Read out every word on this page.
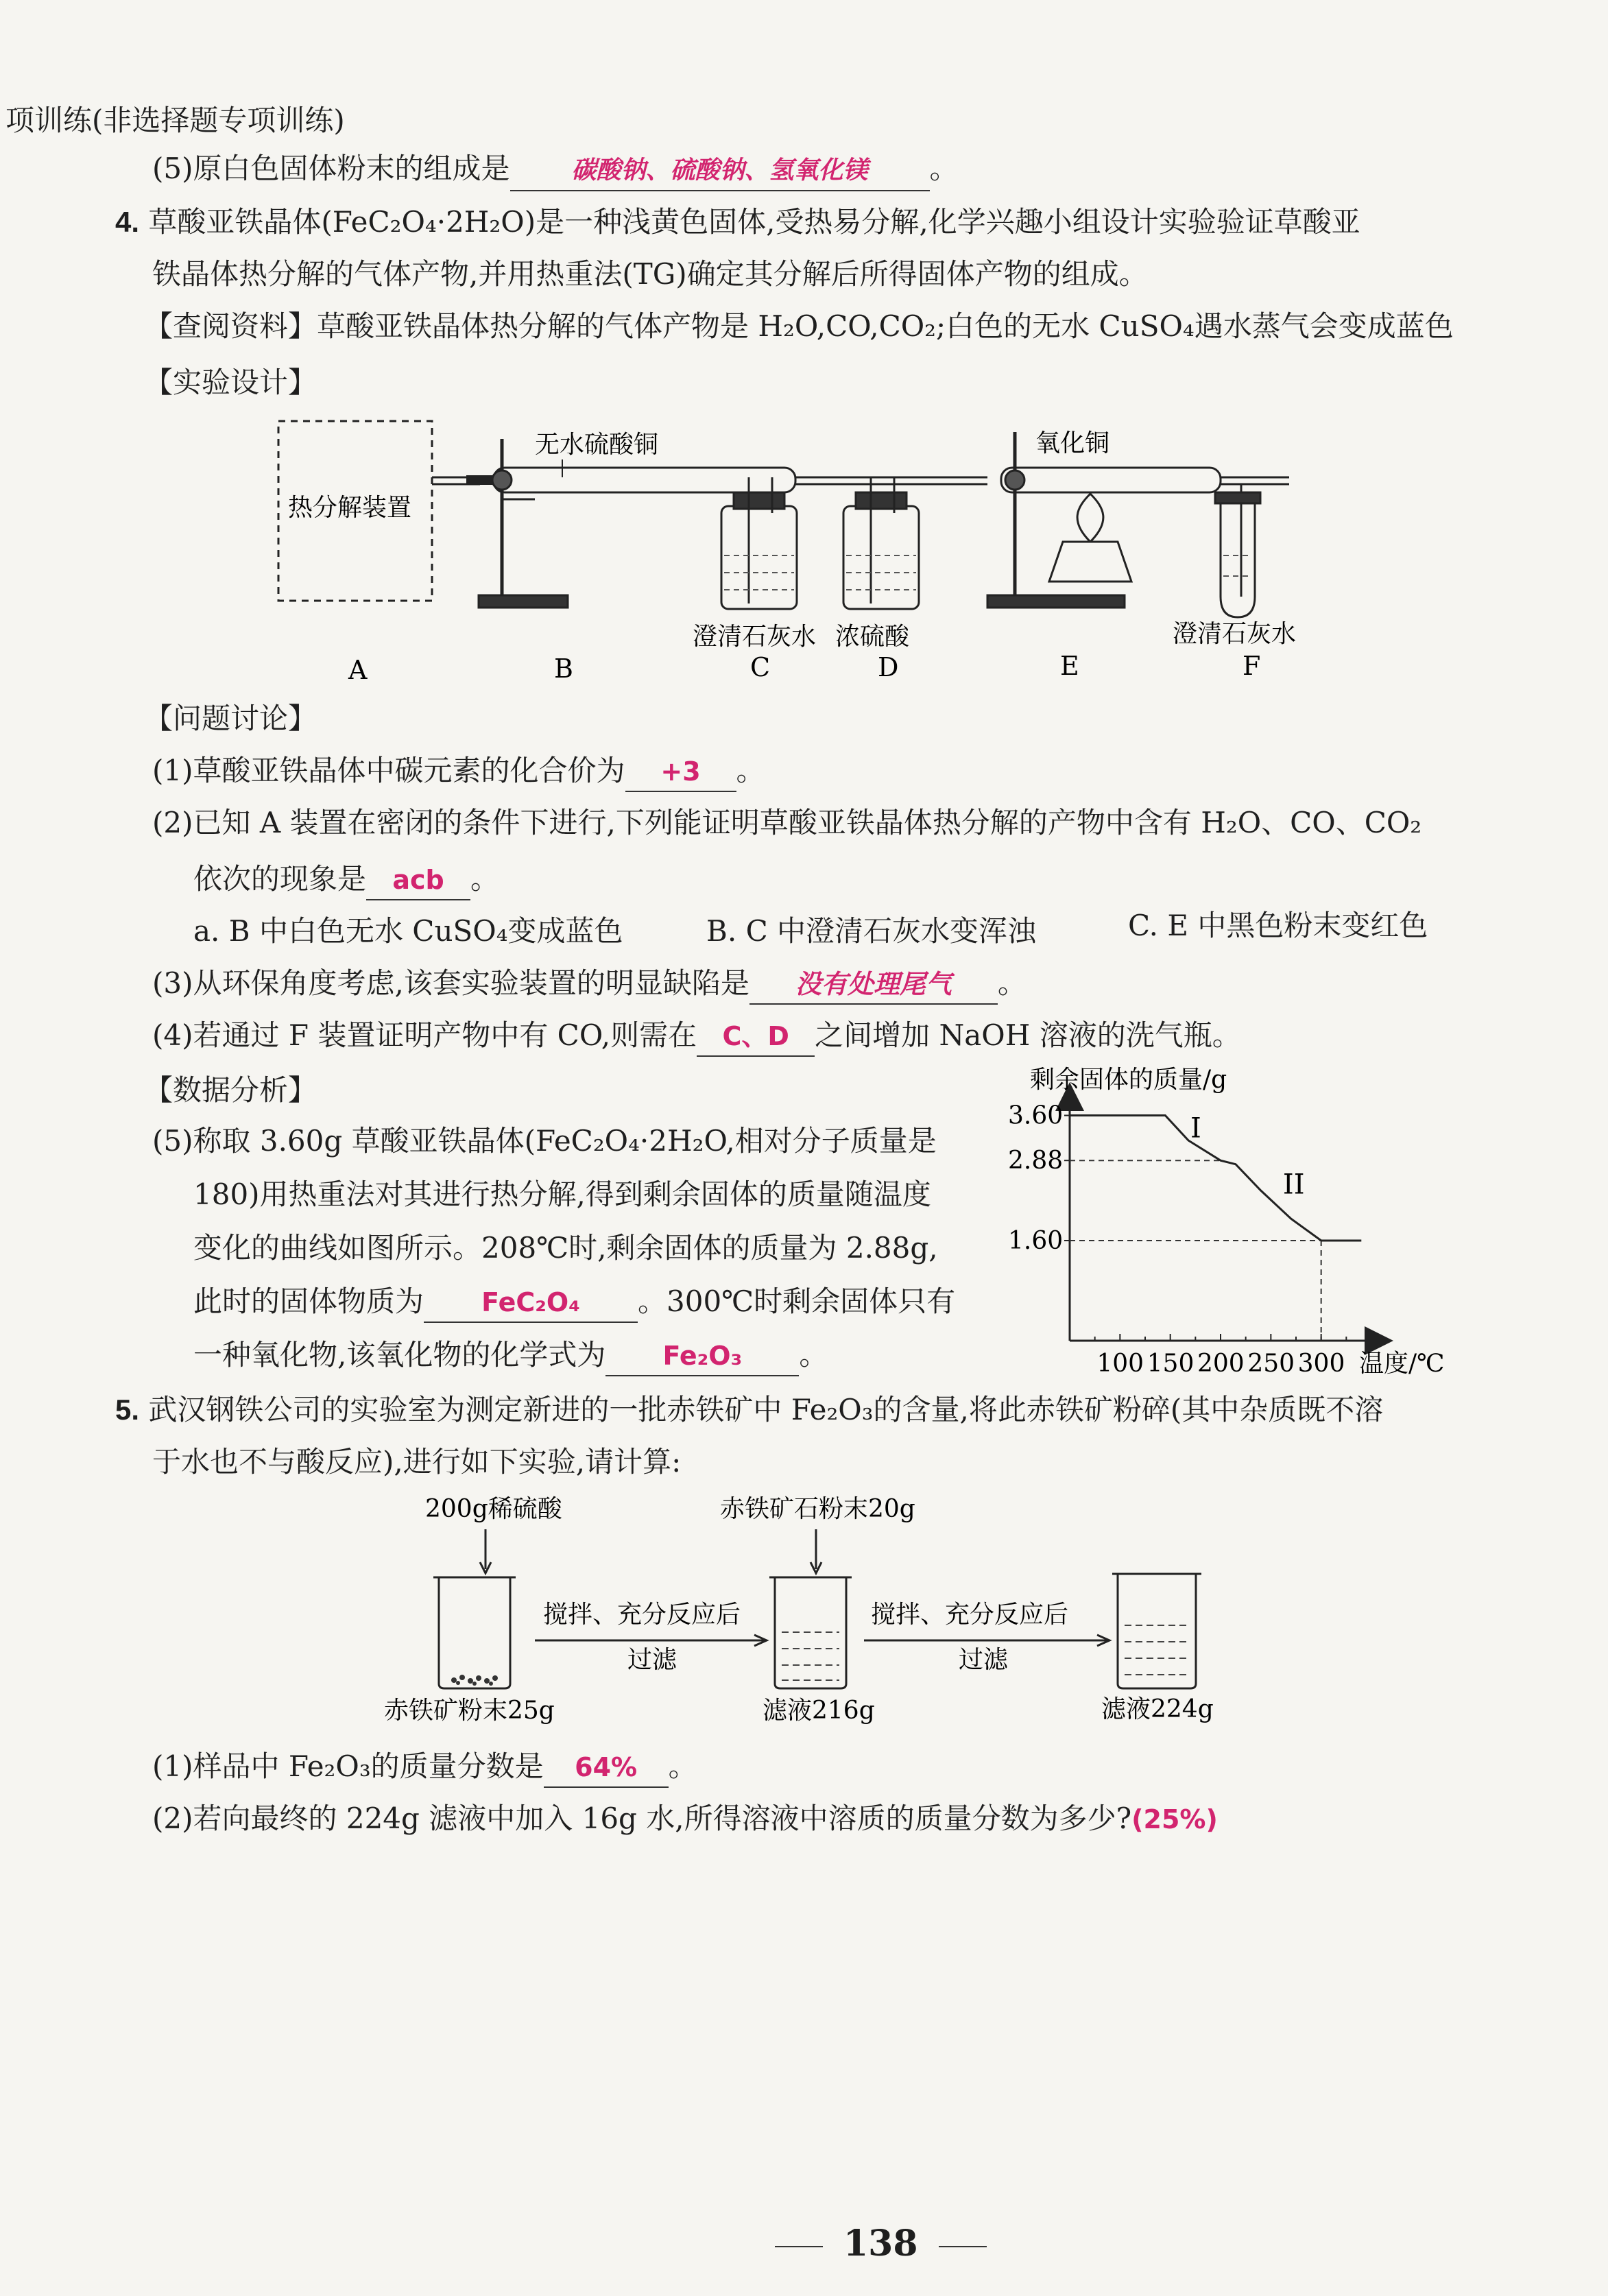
项训练(非选择题专项训练)
(5)原白色固体粉末的组成是 碳酸钠、硫酸钠、氢氧化镁 。
4. 草酸亚铁晶体(FeC₂O₄·2H₂O)是一种浅黄色固体,受热易分解,化学兴趣小组设计实验验证草酸亚
铁晶体热分解的气体产物,并用热重法(TG)确定其分解后所得固体产物的组成。
【查阅资料】草酸亚铁晶体热分解的气体产物是 H₂O,CO,CO₂;白色的无水 CuSO₄遇水蒸气会变成蓝色
【实验设计】
热分解装置
无水硫酸铜	氧化铜
澄清石灰水 浓硫酸	澄清石灰水
A	B	C	D	E	F
【问题讨论】
(1)草酸亚铁晶体中碳元素的化合价为 +3 。
(2)已知 A 装置在密闭的条件下进行,下列能证明草酸亚铁晶体热分解的产物中含有 H₂O、CO、CO₂
依次的现象是 acb 。
a. B 中白色无水 CuSO₄变成蓝色	B. C 中澄清石灰水变浑浊	C. E 中黑色粉末变红色
(3)从环保角度考虑,该套实验装置的明显缺陷是 没有处理尾气 。
(4)若通过 F 装置证明产物中有 CO,则需在 C、D 之间增加 NaOH 溶液的洗气瓶。
【数据分析】
(5)称取 3.60g 草酸亚铁晶体(FeC₂O₄·2H₂O,相对分子质量是
180)用热重法对其进行热分解,得到剩余固体的质量随温度
变化的曲线如图所示。208℃时,剩余固体的质量为 2.88g,
此时的固体物质为 FeC₂O₄ 。300℃时剩余固体只有
一种氧化物,该氧化物的化学式为 Fe₂O₃ 。
剩余固体的质量/g
温度/℃
3.60
2.88
1.60
100 150 200 250 300
I
II
5. 武汉钢铁公司的实验室为测定新进的一批赤铁矿中 Fe₂O₃的含量,将此赤铁矿粉碎(其中杂质既不溶
于水也不与酸反应),进行如下实验,请计算:
200g稀硫酸	赤铁矿石粉末20g
搅拌、充分反应后
过滤
搅拌、充分反应后
过滤
赤铁矿粉末25g	滤液216g	滤液224g
(1)样品中 Fe₂O₃的质量分数是 64% 。
(2)若向最终的 224g 滤液中加入 16g 水,所得溶液中溶质的质量分数为多少?(25%)
138
